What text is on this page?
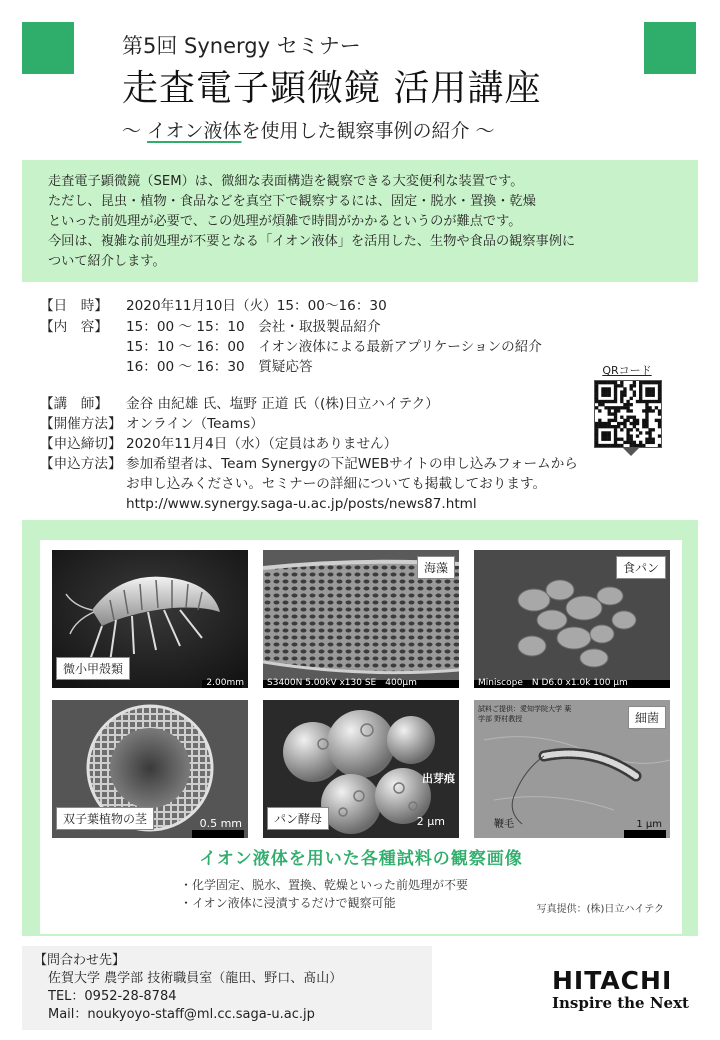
第5回 Synergy セミナー
走査電子顕微鏡 活用講座
～ イオン液体を使用した観察事例の紹介 ～
走査電子顕微鏡（SEM）は、微細な表面構造を観察できる大変便利な装置です。
ただし、昆虫・植物・食品などを真空下で観察するには、固定・脱水・置換・乾燥
といった前処理が必要で、この処理が煩雑で時間がかかるというのが難点です。
今回は、複雑な前処理が不要となる「イオン液体」を活用した、生物や食品の観察事例に
ついて紹介します。
【日　時】 2020年11月10日（火）15：00～16：30
【内　容】 15：00 ～ 15：10　会社・取扱製品紹介
15：10 ～ 16：00　イオン液体による最新アプリケーションの紹介
16：00 ～ 16：30　質疑応答
【講　師】 金谷 由紀雄 氏、塩野 正道 氏（(株)日立ハイテク）
【開催方法】 オンライン（Teams）
【申込締切】 2020年11月4日（水）（定員はありません）
【申込方法】 参加希望者は、Team Synergyの下記WEBサイトの申し込みフォームから
お申し込みください。セミナーの詳細についても掲載しております。
http://www.synergy.saga-u.ac.jp/posts/news87.html
QRコード
微小甲殻類
2.00mm
海藻
S3400N 5.00kV x130 SE　400μm
食パン
Miniscope　N D6.0 x1.0k 100 μm
双子葉植物の茎	0.5 mm	パン酵母	2 μm
出芽痕
細菌
試料ご提供：愛知学院大学 薬学部 野村教授
鞭毛	1 μm
イオン液体を用いた各種試料の観察画像
・化学固定、脱水、置換、乾燥といった前処理が不要
・イオン液体に浸漬するだけで観察可能	写真提供：(株)日立ハイテク
【問合わせ先】
佐賀大学 農学部 技術職員室（龍田、野口、髙山）
TEL：0952-28-8784
Mail：noukyoyo-staff@ml.cc.saga-u.ac.jp
HITACHI
Inspire the Next
